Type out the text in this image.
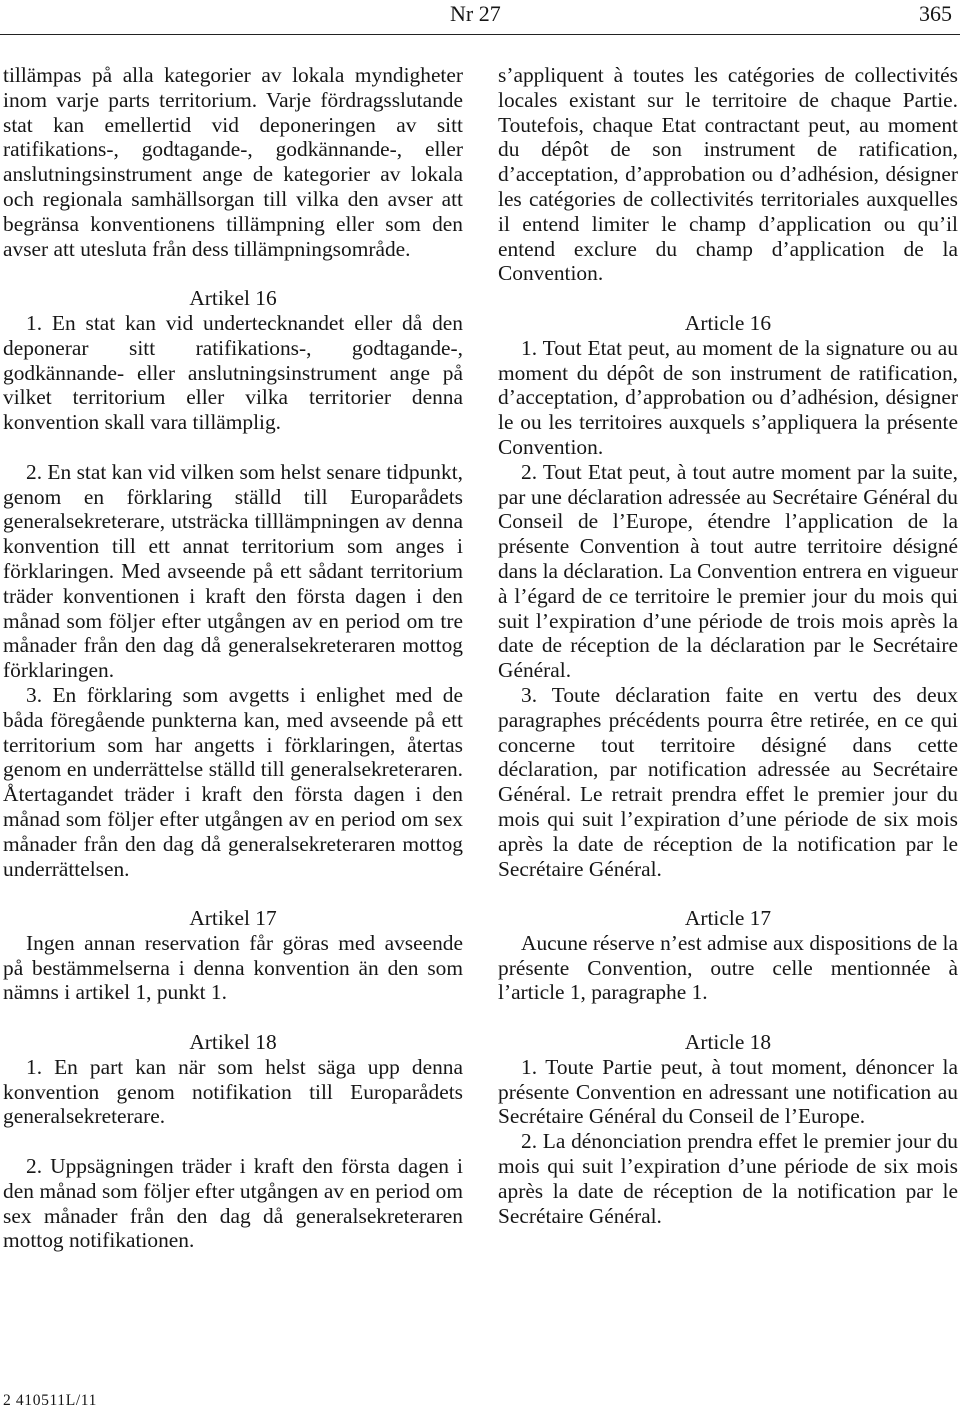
Nr 27	365

tillämpas på alla kategorier av lokala myndigheter inom varje parts territorium. Varje fördragsslutande stat kan emellertid vid deponeringen av sitt ratifikations-, godtagande-, godkännande-, eller anslutningsinstrument ange de kategorier av lokala och regionala samhällsorgan till vilka den avser att begränsa konventionens tillämpning eller som den avser att utesluta från dess tillämpningsområde.

Artikel 16

1. En stat kan vid undertecknandet eller då den deponerar sitt ratifikations-, godtagande-, godkännande- eller anslutningsinstrument ange på vilket territorium eller vilka territorier denna konvention skall vara tillämplig.

2. En stat kan vid vilken som helst senare tidpunkt, genom en förklaring ställd till Europarådets generalsekreterare, utsträcka tilllämpningen av denna konvention till ett annat territorium som anges i förklaringen. Med avseende på ett sådant territorium träder konventionen i kraft den första dagen i den månad som följer efter utgången av en period om tre månader från den dag då generalsekreteraren mottog förklaringen.

3. En förklaring som avgetts i enlighet med de båda föregående punkterna kan, med avseende på ett territorium som har angetts i förklaringen, återtas genom en underrättelse ställd till generalsekreteraren. Återtagandet träder i kraft den första dagen i den månad som följer efter utgången av en period om sex månader från den dag då generalsekreteraren mottog underrättelsen.

Artikel 17

Ingen annan reservation får göras med avseende på bestämmelserna i denna konvention än den som nämns i artikel 1, punkt 1.

Artikel 18

1. En part kan när som helst säga upp denna konvention genom notifikation till Europarådets generalsekreterare.

2. Uppsägningen träder i kraft den första dagen i den månad som följer efter utgången av en period om sex månader från den dag då generalsekreteraren mottog notifikationen.

s’appliquent à toutes les catégories de collectivités locales existant sur le territoire de chaque Partie. Toutefois, chaque Etat contractant peut, au moment du dépôt de son instrument de ratification, d’acceptation, d’approbation ou d’adhésion, désigner les catégories de collectivités territoriales auxquelles il entend limiter le champ d’application ou qu’il entend exclure du champ d’application de la Convention.

Article 16

1. Tout Etat peut, au moment de la signature ou au moment du dépôt de son instrument de ratification, d’acceptation, d’approbation ou d’adhésion, désigner le ou les territoires auxquels s’appliquera la présente Convention.

2. Tout Etat peut, à tout autre moment par la suite, par une déclaration adressée au Secrétaire Général du Conseil de l’Europe, étendre l’application de la présente Convention à tout autre territoire désigné dans la déclaration. La Convention entrera en vigueur à l’égard de ce territoire le premier jour du mois qui suit l’expiration d’une période de trois mois après la date de réception de la déclaration par le Secrétaire Général.

3. Toute déclaration faite en vertu des deux paragraphes précédents pourra être retirée, en ce qui concerne tout territoire désigné dans cette déclaration, par notification adressée au Secrétaire Général. Le retrait prendra effet le premier jour du mois qui suit l’expiration d’une période de six mois après la date de réception de la notification par le Secrétaire Général.

Article 17

Aucune réserve n’est admise aux dispositions de la présente Convention, outre celle mentionnée à l’article 1, paragraphe 1.

Article 18

1. Toute Partie peut, à tout moment, dénoncer la présente Convention en adressant une notification au Secrétaire Général du Conseil de l’Europe.

2. La dénonciation prendra effet le premier jour du mois qui suit l’expiration d’une période de six mois après la date de réception de la notification par le Secrétaire Général.

2 410511L/11
